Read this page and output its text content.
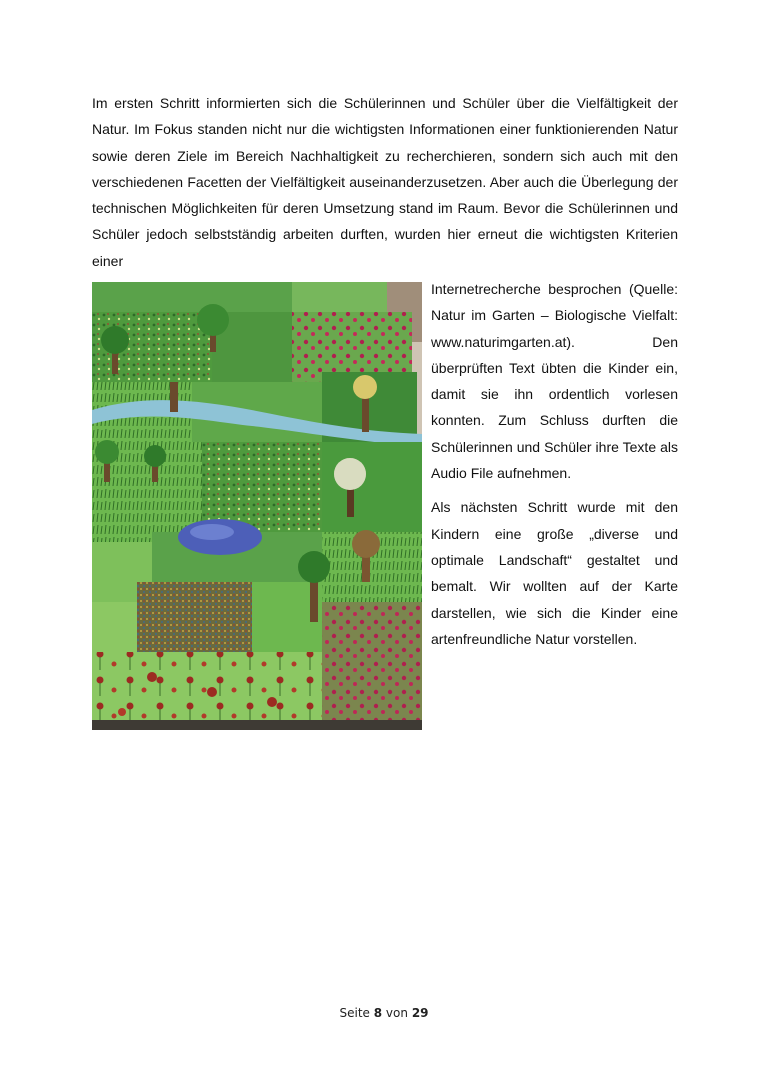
Im ersten Schritt informierten sich die Schülerinnen und Schüler über die Vielfältigkeit der Natur. Im Fokus standen nicht nur die wichtigsten Informationen einer funktionierenden Natur sowie deren Ziele im Bereich Nachhaltigkeit zu recherchieren, sondern sich auch mit den verschiedenen Facetten der Vielfältigkeit auseinanderzusetzen. Aber auch die Überlegung der technischen Möglichkeiten für deren Umsetzung stand im Raum. Bevor die Schülerinnen und Schüler jedoch selbstständig arbeiten durften, wurden hier erneut die wichtigsten Kriterien einer

Internetrecherche besprochen (Quelle: Natur im Garten – Biologische Vielfalt: www.naturimgarten.at). Den überprüften Text übten die Kinder ein, damit sie ihn ordentlich vorlesen konnten. Zum Schluss durften die Schülerinnen und Schüler ihre Texte als Audio File aufnehmen.

Als nächsten Schritt wurde mit den Kindern eine große „diverse und optimale Landschaft“ gestaltet und bemalt. Wir wollten auf der Karte darstellen, wie sich die Kinder eine artenfreundliche Natur vorstellen.

Seite 8 von 29
